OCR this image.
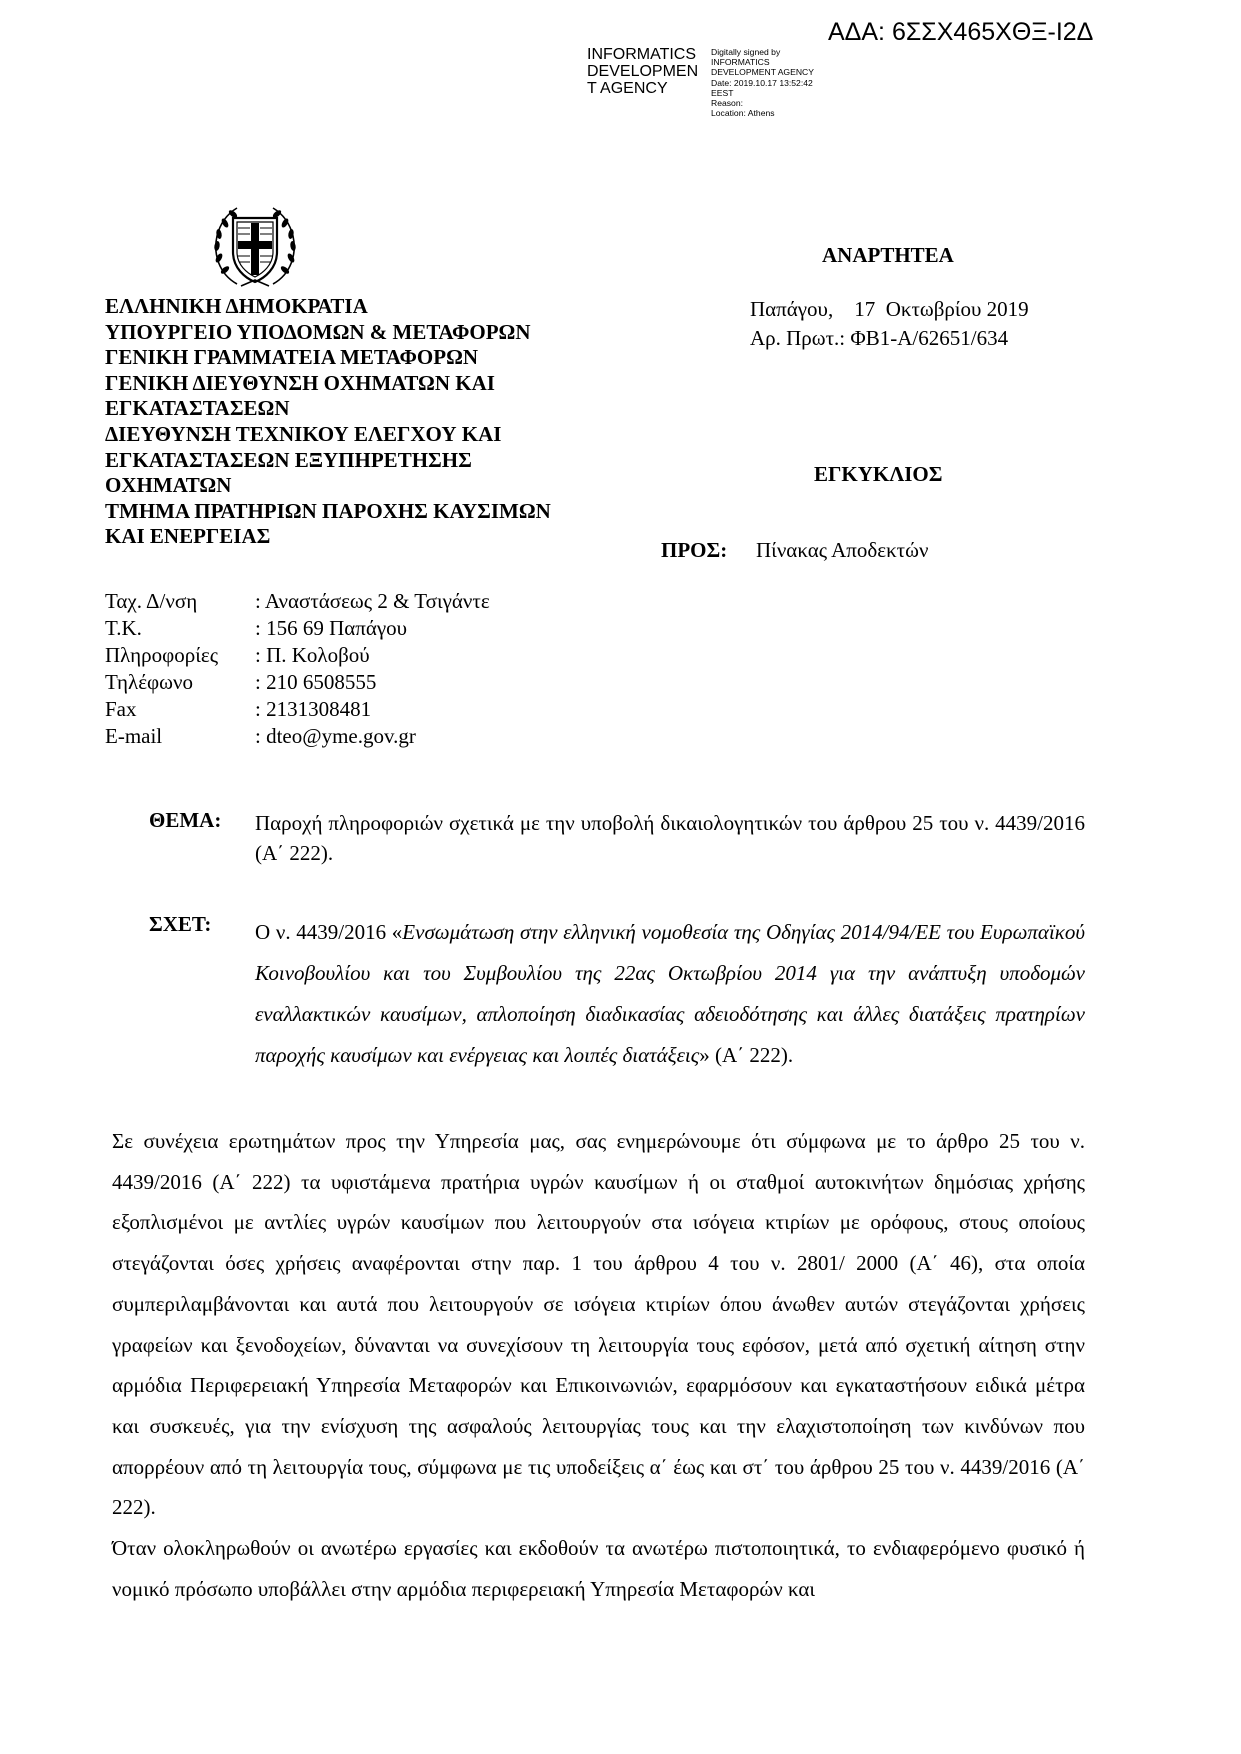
ΑΔΑ: 6ΣΣΧ465ΧΘΞ-Ι2Δ
INFORMATICS
DEVELOPMEN
T AGENCY
Digitally signed by
INFORMATICS
DEVELOPMENT AGENCY
Date: 2019.10.17 13:52:42
EEST
Reason:
Location: Athens
ΕΛΛΗΝΙΚΗ ΔΗΜΟΚΡΑΤΙΑ
ΥΠΟΥΡΓΕΙΟ ΥΠΟΔΟΜΩΝ & ΜΕΤΑΦΟΡΩΝ
ΓΕΝΙΚΗ ΓΡΑΜΜΑΤΕΙΑ ΜΕΤΑΦΟΡΩΝ
ΓΕΝΙΚΗ ΔΙΕΥΘΥΝΣΗ ΟΧΗΜΑΤΩΝ ΚΑΙ
ΕΓΚΑΤΑΣΤΑΣΕΩΝ
ΔΙΕΥΘΥΝΣΗ ΤΕΧΝΙΚΟΥ ΕΛΕΓΧΟΥ ΚΑΙ
ΕΓΚΑΤΑΣΤΑΣΕΩΝ ΕΞΥΠΗΡΕΤΗΣΗΣ
ΟΧΗΜΑΤΩΝ
ΤΜΗΜΑ ΠΡΑΤΗΡΙΩΝ ΠΑΡΟΧΗΣ ΚΑΥΣΙΜΩΝ
ΚΑΙ ΕΝΕΡΓΕΙΑΣ
ΑΝΑΡΤΗΤΕΑ
Παπάγου,    17  Οκτωβρίου 2019
Αρ. Πρωτ.: ΦΒ1-Α/62651/634
ΕΓΚΥΚΛΙΟΣ
ΠΡΟΣ: Πίνακας Αποδεκτών
Ταχ. Δ/νση	: Αναστάσεως 2 & Τσιγάντε
Τ.Κ.	: 156 69 Παπάγου
Πληροφορίες	: Π. Κολοβού
Τηλέφωνο	: 210 6508555
Fax	: 2131308481
E-mail	: dteo@yme.gov.gr
ΘΕΜΑ: Παροχή πληροφοριών σχετικά με την υποβολή δικαιολογητικών του άρθρου 25 του ν. 4439/2016 (Α΄ 222).
ΣΧΕΤ: Ο ν. 4439/2016 «Ενσωμάτωση στην ελληνική νομοθεσία της Οδηγίας 2014/94/ΕΕ του Ευρωπαϊκού Κοινοβουλίου και του Συμβουλίου της 22ας Οκτωβρίου 2014 για την ανάπτυξη υποδομών εναλλακτικών καυσίμων, απλοποίηση διαδικασίας αδειοδότησης και άλλες διατάξεις πρατηρίων παροχής καυσίμων και ενέργειας και λοιπές διατάξεις» (Α΄ 222).
Σε συνέχεια ερωτημάτων προς την Υπηρεσία μας, σας ενημερώνουμε ότι σύμφωνα με το άρθρο 25 του ν. 4439/2016 (Α΄ 222) τα υφιστάμενα πρατήρια υγρών καυσίμων ή οι σταθμοί αυτοκινήτων δημόσιας χρήσης εξοπλισμένοι με αντλίες υγρών καυσίμων που λειτουργούν στα ισόγεια κτιρίων με ορόφους, στους οποίους στεγάζονται όσες χρήσεις αναφέρονται στην παρ. 1 του άρθρου 4 του ν. 2801/ 2000 (Α΄ 46), στα οποία συμπεριλαμβάνονται και αυτά που λειτουργούν σε ισόγεια κτιρίων όπου άνωθεν αυτών στεγάζονται χρήσεις γραφείων και ξενοδοχείων, δύνανται να συνεχίσουν τη λειτουργία τους εφόσον, μετά από σχετική αίτηση στην αρμόδια Περιφερειακή Υπηρεσία Μεταφορών και Επικοινωνιών, εφαρμόσουν και εγκαταστήσουν ειδικά μέτρα και συσκευές, για την ενίσχυση της ασφαλούς λειτουργίας τους και την ελαχιστοποίηση των κινδύνων που απορρέουν από τη λειτουργία τους, σύμφωνα με τις υποδείξεις α΄ έως και στ΄ του άρθρου 25 του ν. 4439/2016 (Α΄ 222).
Όταν ολοκληρωθούν οι ανωτέρω εργασίες και εκδοθούν τα ανωτέρω πιστοποιητικά, το ενδιαφερόμενο φυσικό ή νομικό πρόσωπο υποβάλλει στην αρμόδια περιφερειακή Υπηρεσία Μεταφορών και
